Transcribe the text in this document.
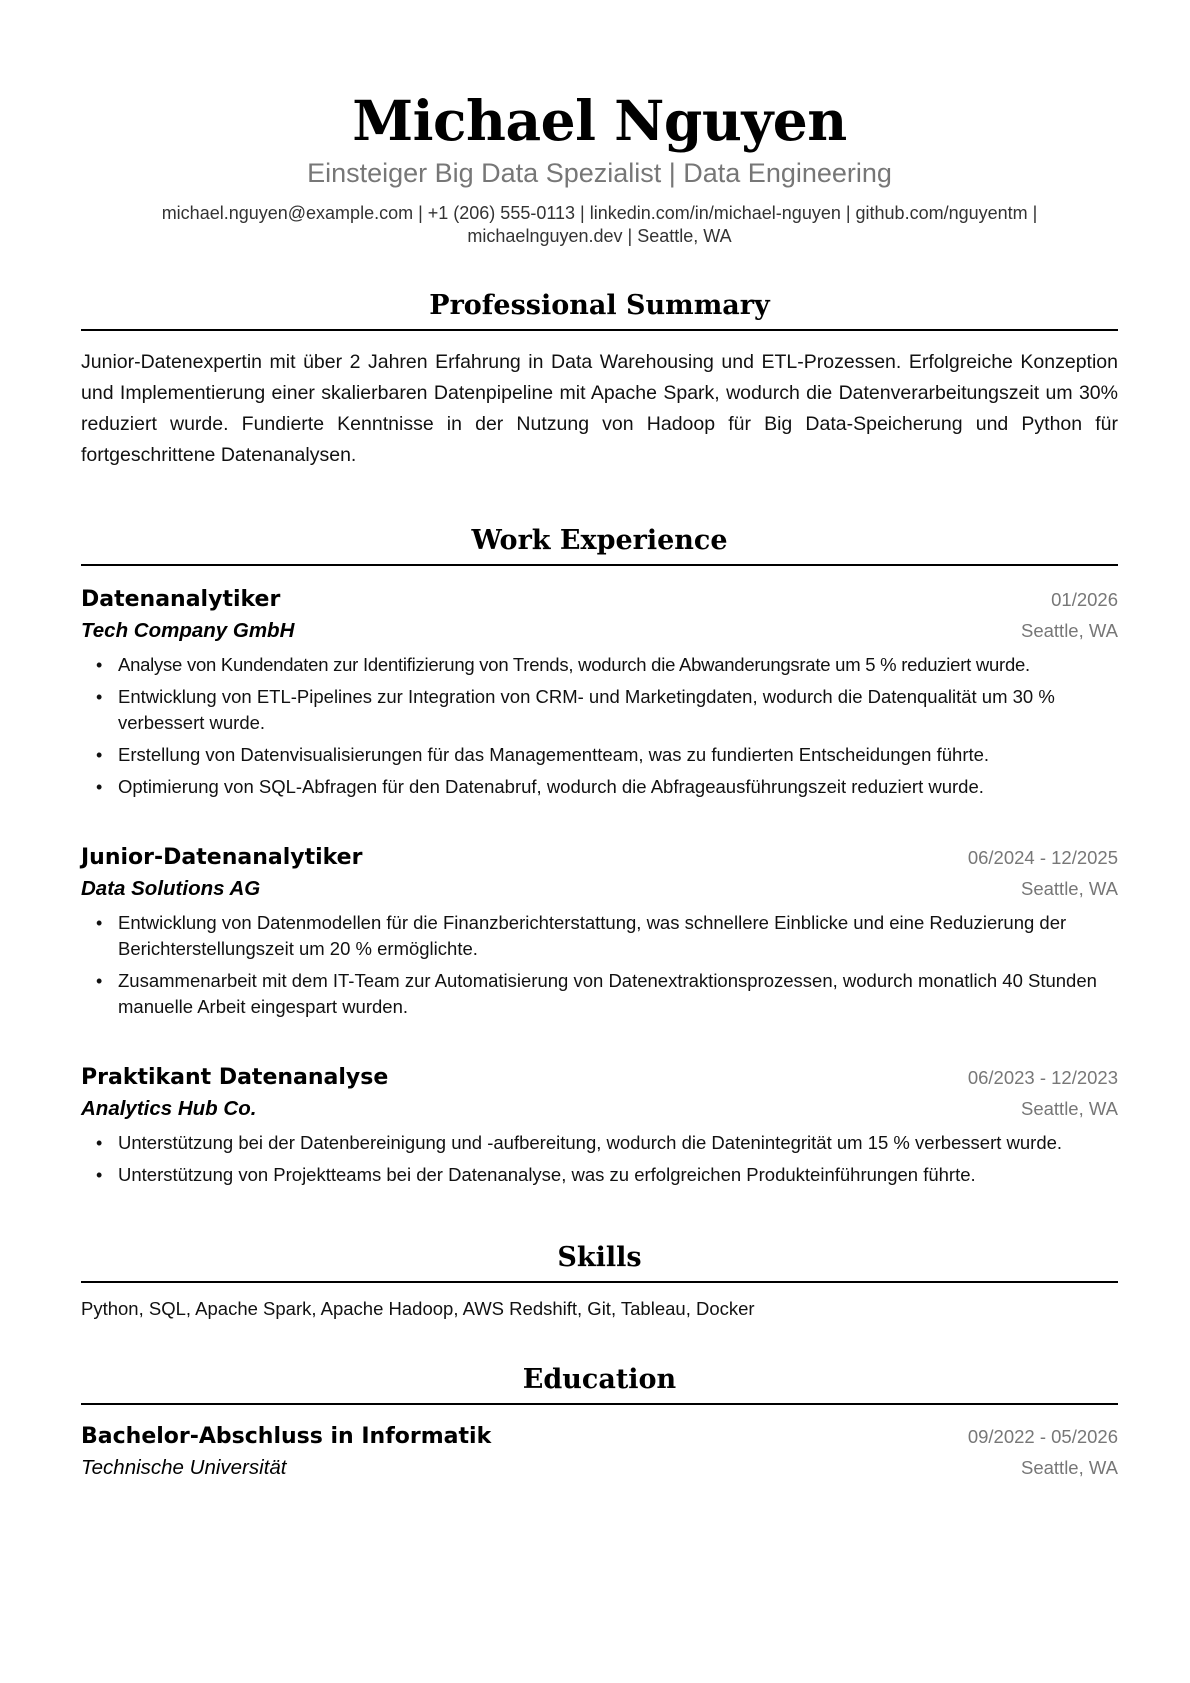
Michael Nguyen
Einsteiger Big Data Spezialist | Data Engineering
michael.nguyen@example.com | +1 (206) 555-0113 | linkedin.com/in/michael-nguyen | github.com/nguyentm |
michaelnguyen.dev | Seattle, WA
Professional Summary
Junior-Datenexpertin mit über 2 Jahren Erfahrung in Data Warehousing und ETL-Prozessen. Erfolgreiche Konzeption und Implementierung einer skalierbaren Datenpipeline mit Apache Spark, wodurch die Datenverarbeitungszeit um 30% reduziert wurde. Fundierte Kenntnisse in der Nutzung von Hadoop für Big Data-Speicherung und Python für fortgeschrittene Datenanalysen.
Work Experience
Datenanalytiker	01/2026
Tech Company GmbH	Seattle, WA
• Analyse von Kundendaten zur Identifizierung von Trends, wodurch die Abwanderungsrate um 5 % reduziert wurde.
• Entwicklung von ETL-Pipelines zur Integration von CRM- und Marketingdaten, wodurch die Datenqualität um 30 % verbessert wurde.
• Erstellung von Datenvisualisierungen für das Managementteam, was zu fundierten Entscheidungen führte.
• Optimierung von SQL-Abfragen für den Datenabruf, wodurch die Abfrageausführungszeit reduziert wurde.
Junior-Datenanalytiker	06/2024 - 12/2025
Data Solutions AG	Seattle, WA
• Entwicklung von Datenmodellen für die Finanzberichterstattung, was schnellere Einblicke und eine Reduzierung der Berichterstellungszeit um 20 % ermöglichte.
• Zusammenarbeit mit dem IT-Team zur Automatisierung von Datenextraktionsprozessen, wodurch monatlich 40 Stunden manuelle Arbeit eingespart wurden.
Praktikant Datenanalyse	06/2023 - 12/2023
Analytics Hub Co.	Seattle, WA
• Unterstützung bei der Datenbereinigung und -aufbereitung, wodurch die Datenintegrität um 15 % verbessert wurde.
• Unterstützung von Projektteams bei der Datenanalyse, was zu erfolgreichen Produkteinführungen führte.
Skills
Python, SQL, Apache Spark, Apache Hadoop, AWS Redshift, Git, Tableau, Docker
Education
Bachelor-Abschluss in Informatik	09/2022 - 05/2026
Technische Universität	Seattle, WA
